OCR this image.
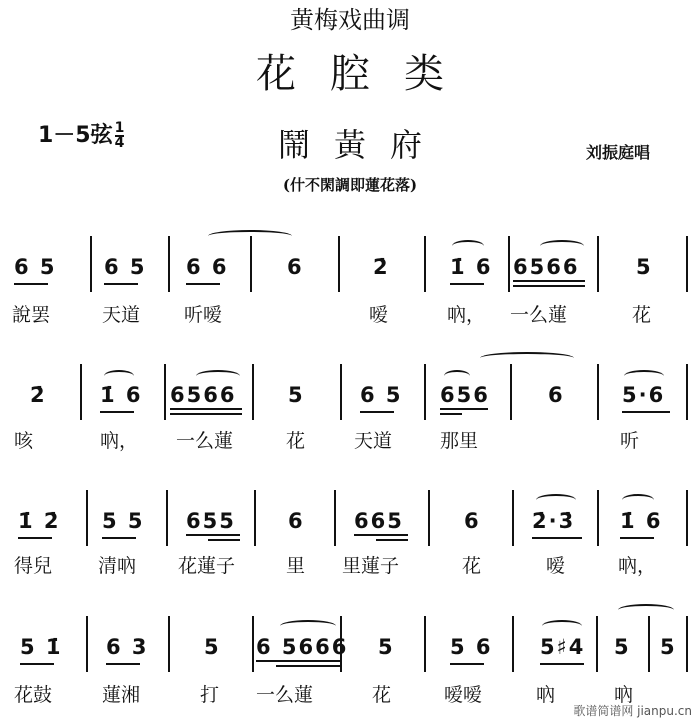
黄梅戏曲调
花腔类
1－5弦 $\frac{1}{4}$	鬧黃府	刘振庭唱
(什不閑調即蓮花落)
6 5 6 5 6 6	6	2̇	1̇ 6 6566	5
說罢	天道 听嗳	嗳	吶， 一么蓮	花
2̇	1̇ 6 6566 5	6 5 656	6	5·6
咳	吶， 一么蓮	花	天道	那里	听
1̇ 2̇ 5 5 655 6 665	6 2̇·3̇ 1̇ 6
得兒 清吶 花蓮子	里 里蓮子	花	嗳	吶，
5 1̇ 6 3	5 6 5666 5	5 6 5♯4 5 5
花鼓	蓮湘	打 一么蓮	花	嗳嗳	吶	吶
歌谱简谱网 jianpu.cn
